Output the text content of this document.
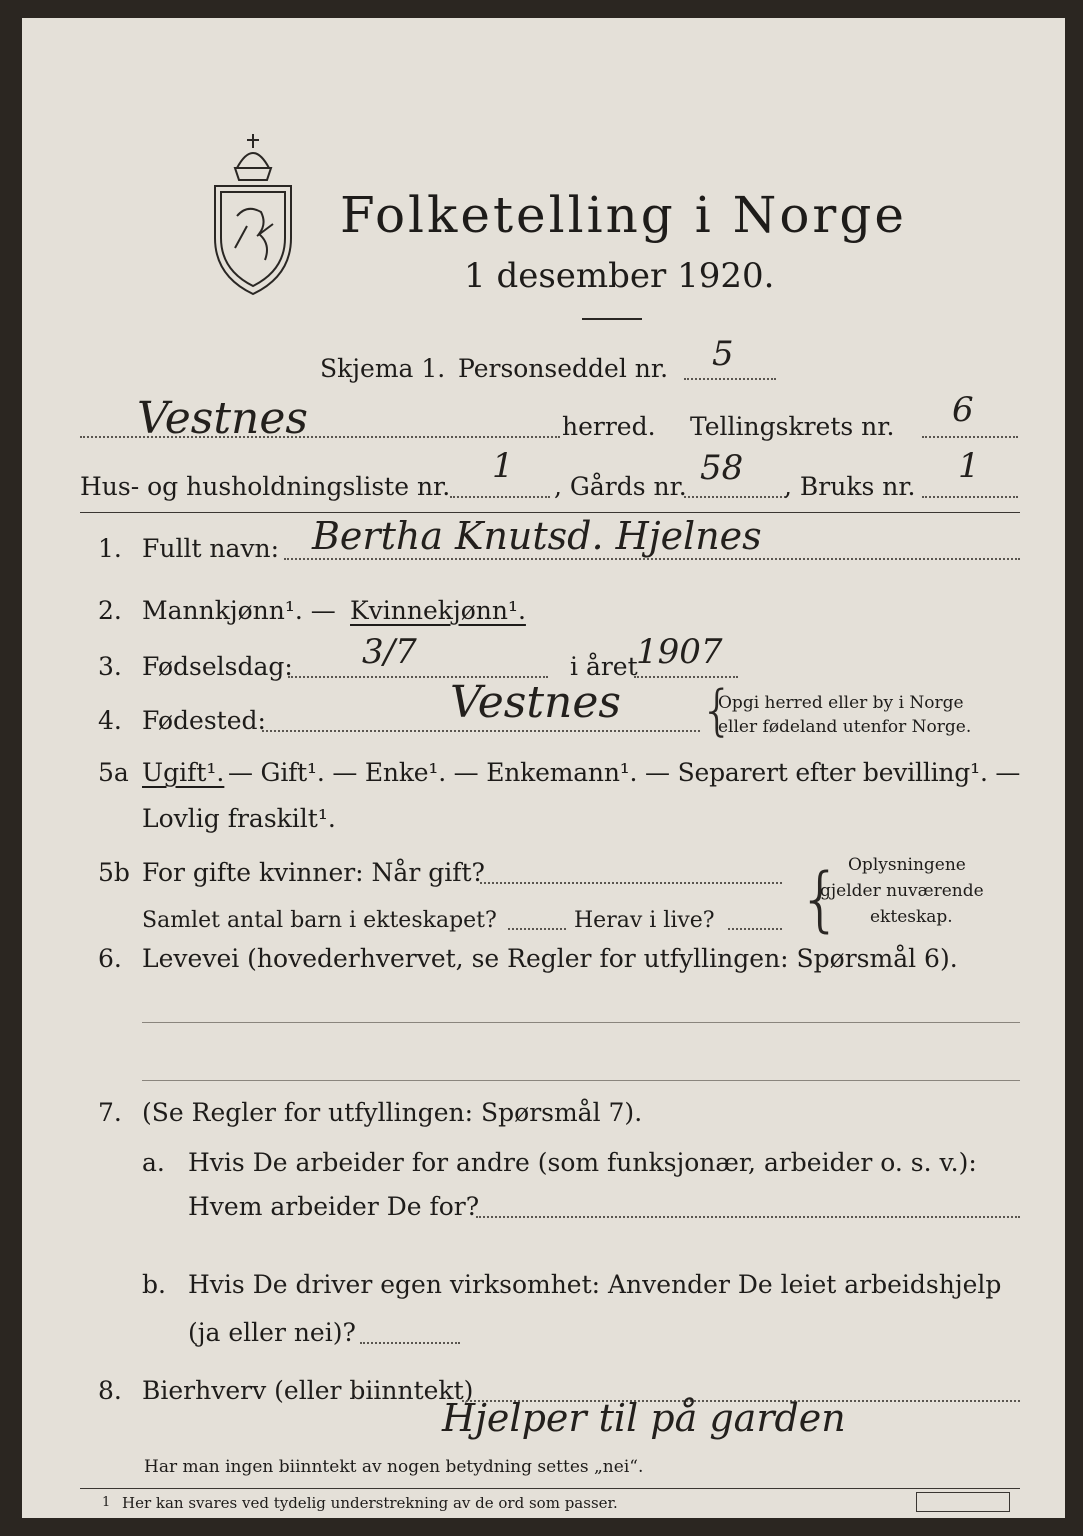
Folketelling i Norge
1 desember 1920.
Skjema 1. Personseddel nr. 5
Vestnes	herred. Tellingskrets nr. 6
Hus- og husholdningsliste nr.
1
, Gårds nr. 58 , Bruks nr.
1
1. Fullt navn: Bertha Knutsd. Hjelnes
2. Mannkjønn¹. — Kvinnekjønn¹.
3. Fødselsdag: 3/7	i året
1907
4. Fødested:	Vestnes {
Opgi herred eller by i Norge
eller fødeland utenfor Norge.
5a Ugift¹. — Gift¹. — Enke¹. — Enkemann¹. — Separert efter bevilling¹. —
Lovlig fraskilt¹.
5b For gifte kvinner: Når gift?
Samlet antal barn i ekteskapet?	Herav i live? { Oplysningene
gjelder nuværende
ekteskap.
6. Levevei (hovederhvervet, se Regler for utfyllingen: Spørsmål 6).
7. (Se Regler for utfyllingen: Spørsmål 7).
a. Hvis De arbeider for andre (som funksjonær, arbeider o. s. v.):
Hvem arbeider De for?
b. Hvis De driver egen virksomhet: Anvender De leiet arbeidshjelp
(ja eller nei)?
8. Bierhverv (eller biinntekt)
Hjelper til på garden
Har man ingen biinntekt av nogen betydning settes „nei“.
1 Her kan svares ved tydelig understrekning av de ord som passer.
